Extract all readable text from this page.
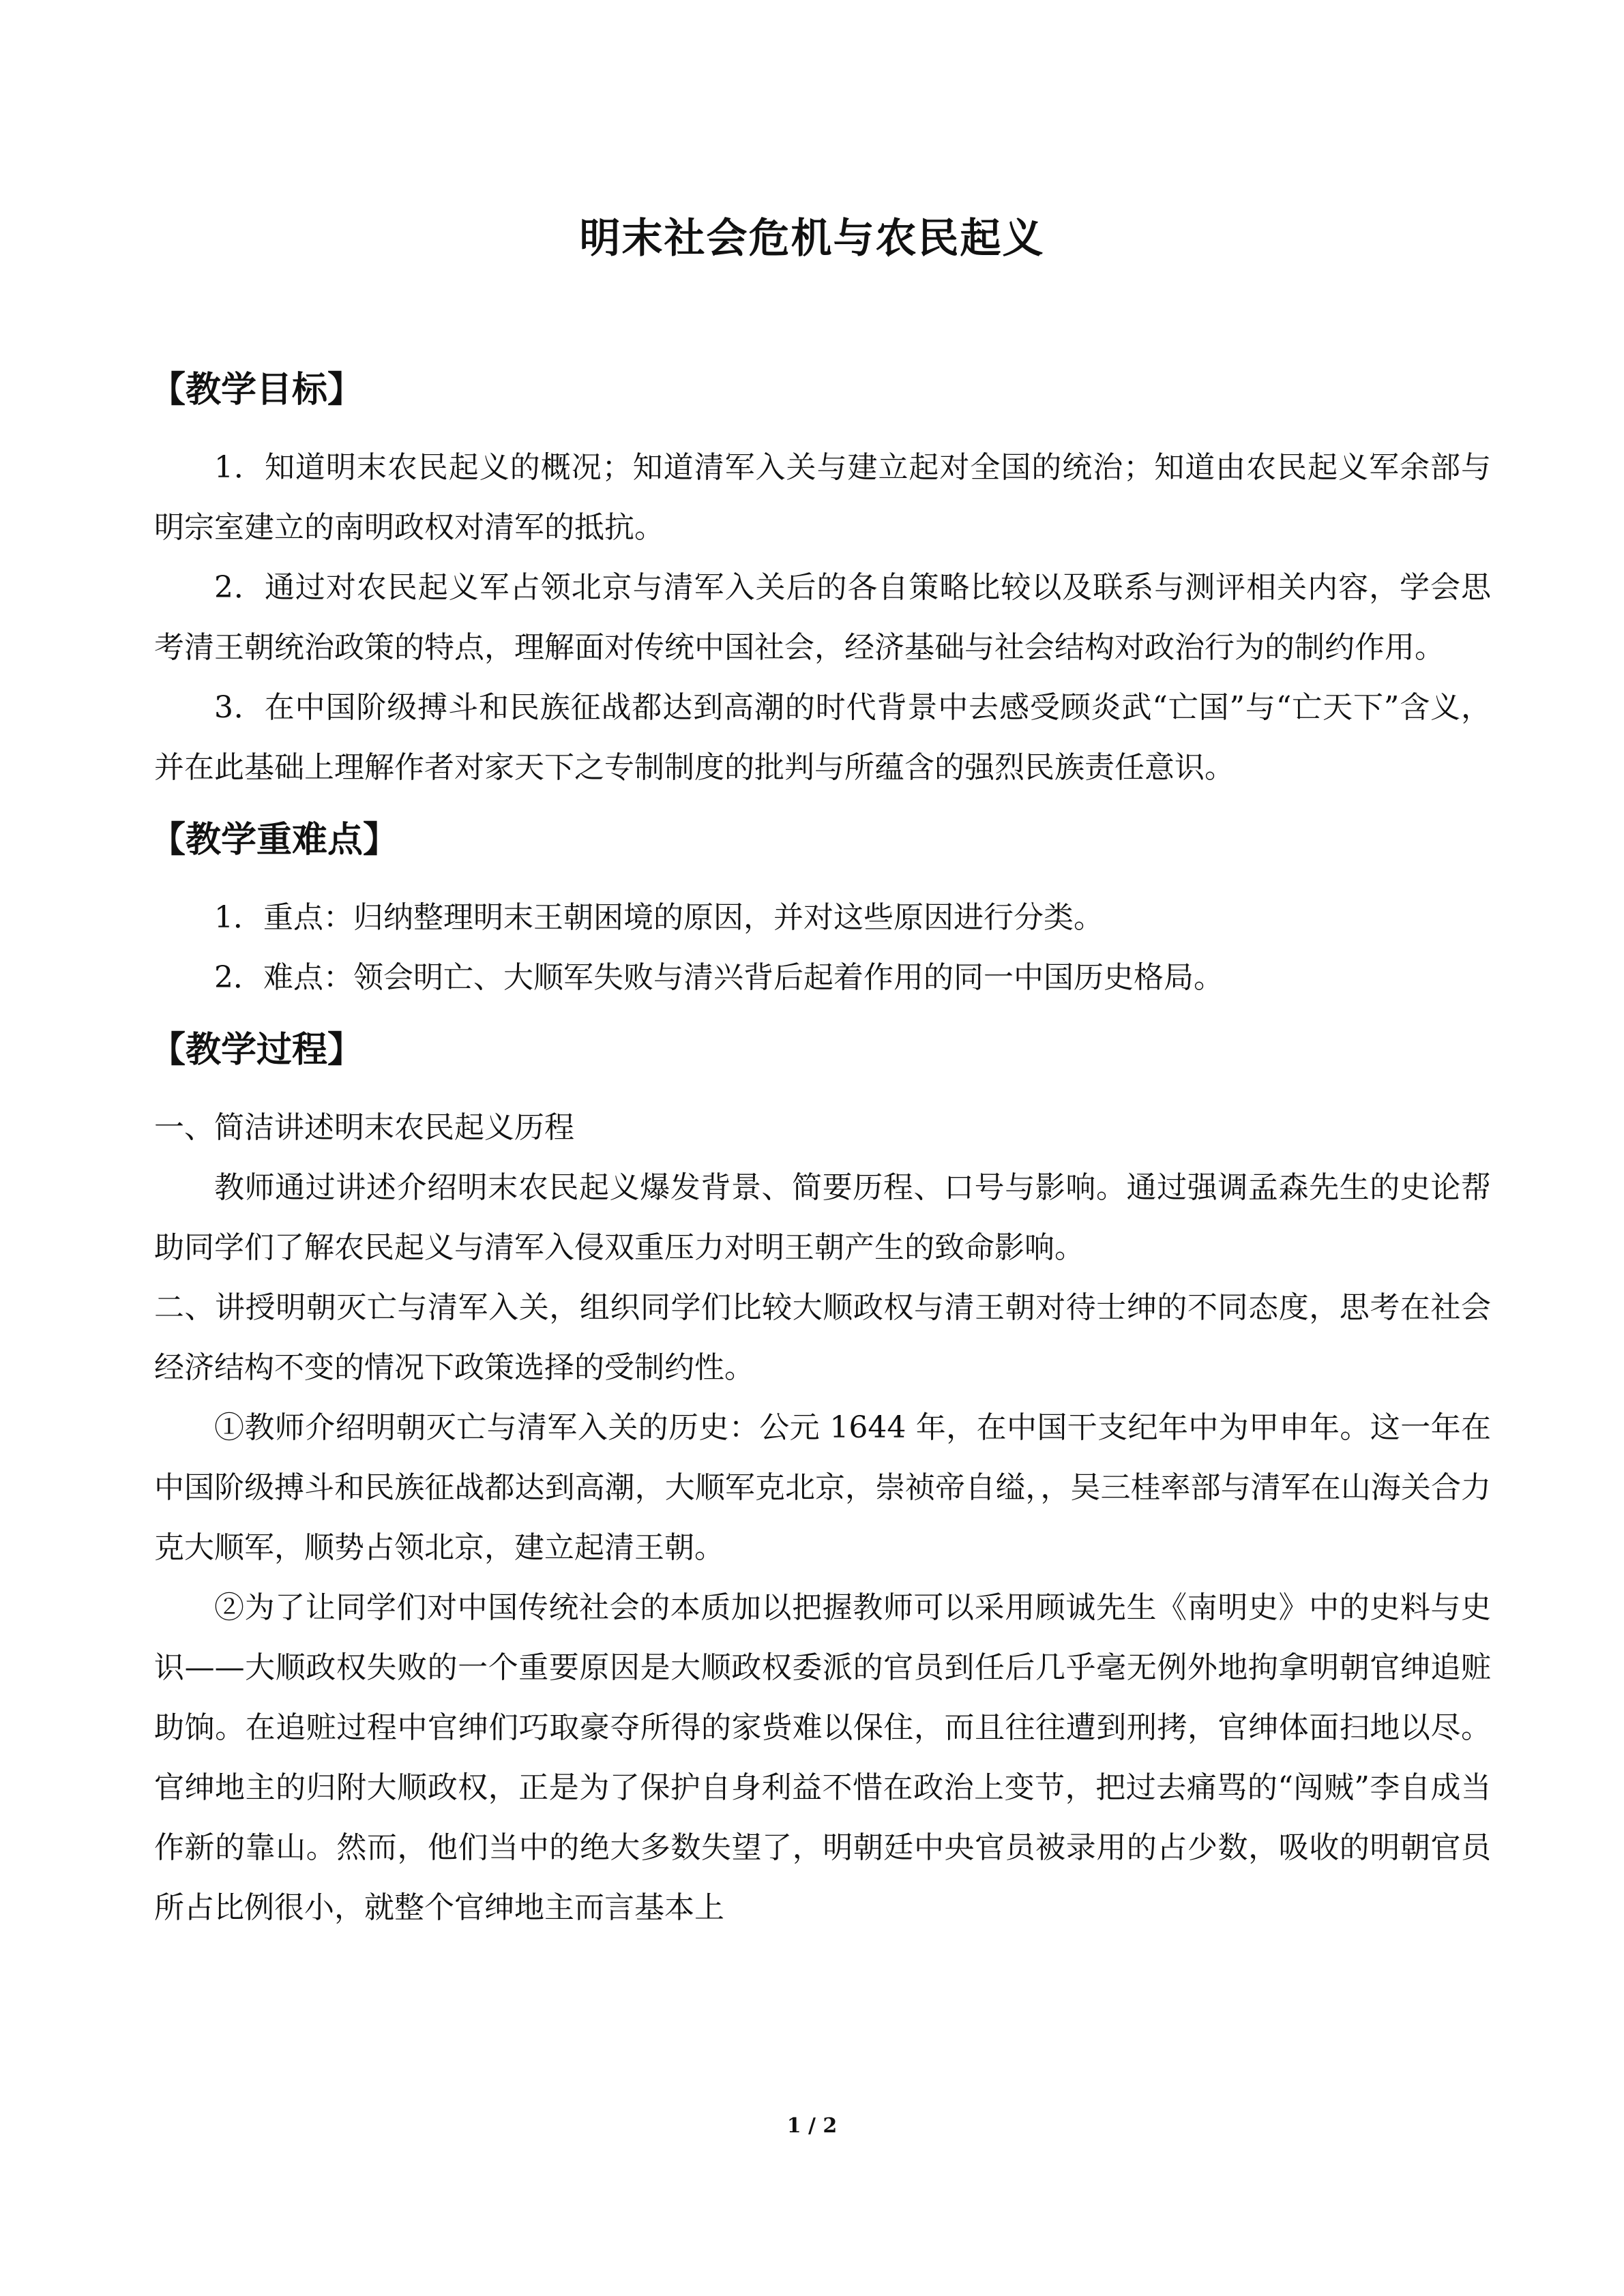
明末社会危机与农民起义
【教学目标】

1．知道明末农民起义的概况；知道清军入关与建立起对全国的统治；知道由农民起义军余部与明宗室建立的南明政权对清军的抵抗。

2．通过对农民起义军占领北京与清军入关后的各自策略比较以及联系与测评相关内容，学会思考清王朝统治政策的特点，理解面对传统中国社会，经济基础与社会结构对政治行为的制约作用。

3．在中国阶级搏斗和民族征战都达到高潮的时代背景中去感受顾炎武“亡国”与“亡天下”含义，并在此基础上理解作者对家天下之专制制度的批判与所蕴含的强烈民族责任意识。

【教学重难点】

1．重点：归纳整理明末王朝困境的原因，并对这些原因进行分类。

2．难点：领会明亡、大顺军失败与清兴背后起着作用的同一中国历史格局。

【教学过程】

一、简洁讲述明末农民起义历程

教师通过讲述介绍明末农民起义爆发背景、简要历程、口号与影响。通过强调孟森先生的史论帮助同学们了解农民起义与清军入侵双重压力对明王朝产生的致命影响。

二、讲授明朝灭亡与清军入关，组织同学们比较大顺政权与清王朝对待士绅的不同态度，思考在社会经济结构不变的情况下政策选择的受制约性。

①教师介绍明朝灭亡与清军入关的历史：公元 1644 年，在中国干支纪年中为甲申年。这一年在中国阶级搏斗和民族征战都达到高潮，大顺军克北京，崇祯帝自缢，，吴三桂率部与清军在山海关合力克大顺军，顺势占领北京，建立起清王朝。

②为了让同学们对中国传统社会的本质加以把握教师可以采用顾诚先生《南明史》中的史料与史识——大顺政权失败的一个重要原因是大顺政权委派的官员到任后几乎毫无例外地拘拿明朝官绅追赃助饷。在追赃过程中官绅们巧取豪夺所得的家赀难以保住，而且往往遭到刑拷，官绅体面扫地以尽。官绅地主的归附大顺政权，正是为了保护自身利益不惜在政治上变节，把过去痛骂的“闯贼”李自成当作新的靠山。然而，他们当中的绝大多数失望了，明朝廷中央官员被录用的占少数，吸收的明朝官员所占比例很小，就整个官绅地主而言基本上

1 / 2
